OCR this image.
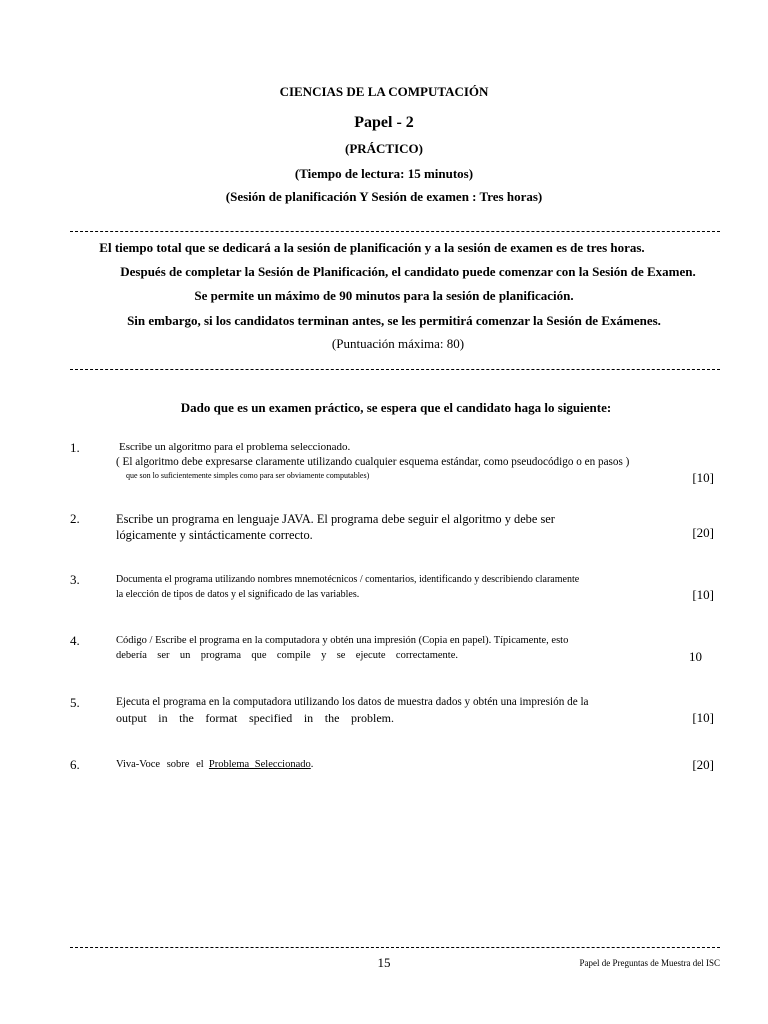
CIENCIAS DE LA COMPUTACIÓN
Papel - 2
(PRÁCTICO)
(Tiempo de lectura: 15 minutos)
(Sesión de planificación Y Sesión de examen : Tres horas)
El tiempo total que se dedicará a la sesión de planificación y a la sesión de examen es de tres horas.
Después de completar la Sesión de Planificación, el candidato puede comenzar con la Sesión de Examen.
Se permite un máximo de 90 minutos para la sesión de planificación.
Sin embargo, si los candidatos terminan antes, se les permitirá comenzar la Sesión de Exámenes.
(Puntuación máxima: 80)
Dado que es un examen práctico, se espera que el candidato haga lo siguiente:
1.	Escribe un algoritmo para el problema seleccionado.
( El algoritmo debe expresarse claramente utilizando cualquier esquema estándar, como pseudocódigo o en pasos )
que son lo suficientemente simples como para ser obviamente computables)	[10]
2.	Escribe un programa en lenguaje JAVA. El programa debe seguir el algoritmo y debe ser
lógicamente y sintácticamente correcto.	[20]
3.	Documenta el programa utilizando nombres mnemotécnicos / comentarios, identificando y describiendo claramente
la elección de tipos de datos y el significado de las variables.	[10]
4.	Código / Escribe el programa en la computadora y obtén una impresión (Copia en papel). Típicamente, esto
debería ser un programa que compile y se ejecute correctamente.	10
5.	Ejecuta el programa en la computadora utilizando los datos de muestra dados y obtén una impresión de la
output in the format specified in the problem.	[10]
6.	Viva-Voce sobre el Problema Seleccionado.	[20]
15	Papel de Preguntas de Muestra del ISC
